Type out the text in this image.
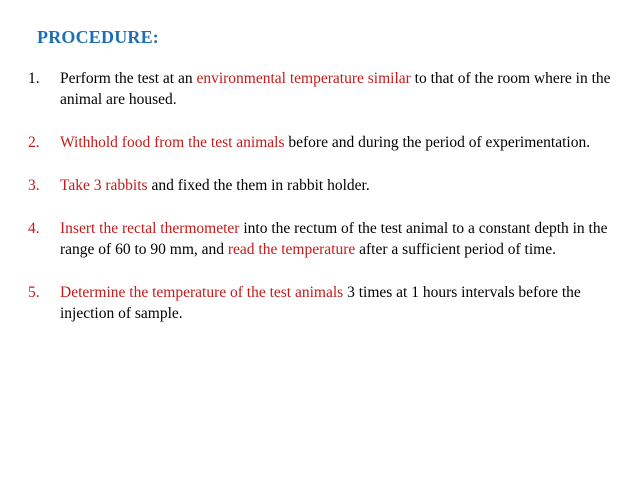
PROCEDURE:
1.	Perform the test at an environmental temperature similar to that of the room where in the animal are housed.
2.	Withhold food from the test animals before and during the period of experimentation.
3.	Take 3 rabbits and fixed the them in rabbit holder.
4.	Insert the rectal thermometer into the rectum of the test animal to a constant depth in the range of 60 to 90 mm, and read the temperature after a sufficient period of time.
5.	Determine the temperature of the test animals 3 times at 1 hours intervals before the injection of sample.
